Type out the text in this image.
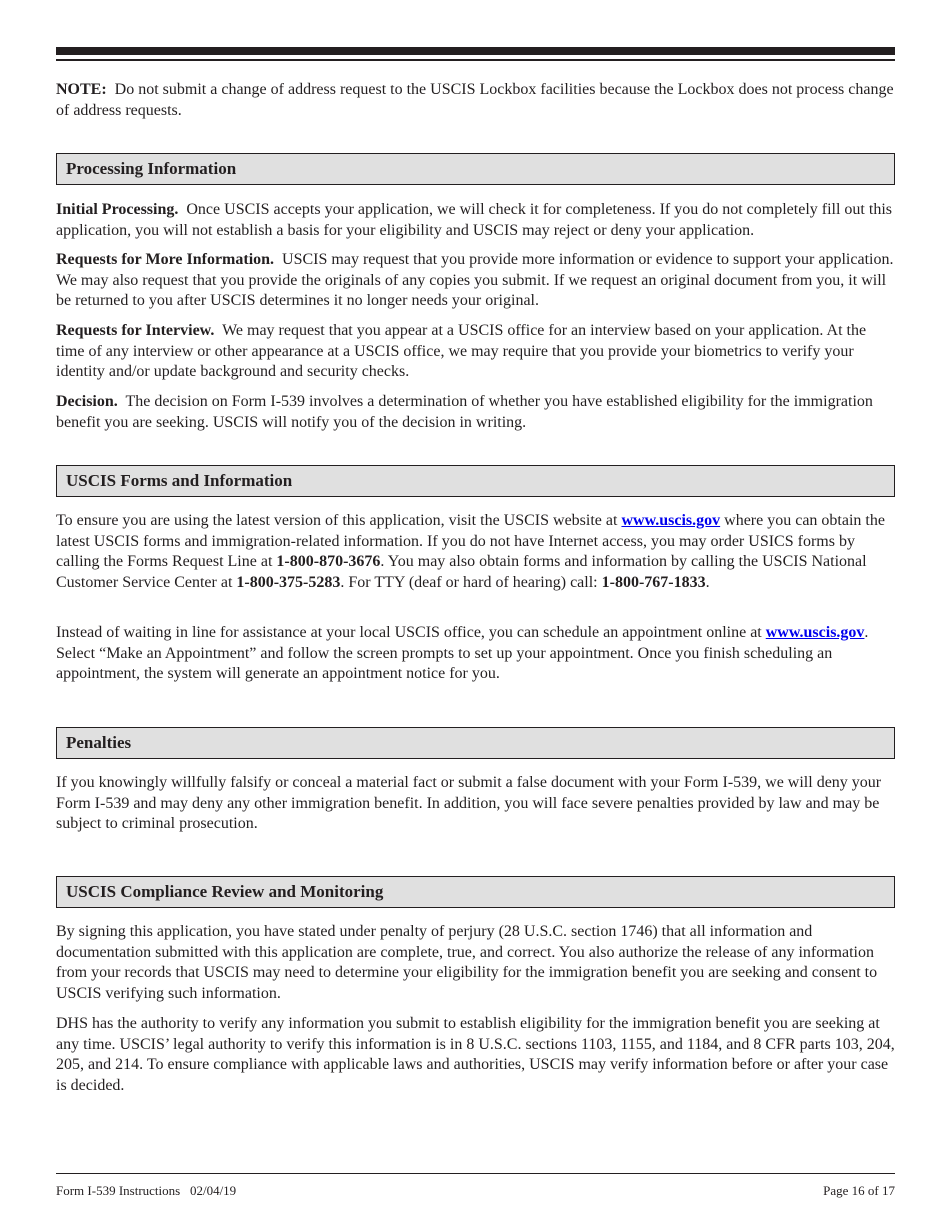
NOTE: Do not submit a change of address request to the USCIS Lockbox facilities because the Lockbox does not process change of address requests.

Processing Information

Initial Processing. Once USCIS accepts your application, we will check it for completeness. If you do not completely fill out this application, you will not establish a basis for your eligibility and USCIS may reject or deny your application.

Requests for More Information. USCIS may request that you provide more information or evidence to support your application. We may also request that you provide the originals of any copies you submit. If we request an original document from you, it will be returned to you after USCIS determines it no longer needs your original.

Requests for Interview. We may request that you appear at a USCIS office for an interview based on your application. At the time of any interview or other appearance at a USCIS office, we may require that you provide your biometrics to verify your identity and/or update background and security checks.

Decision. The decision on Form I-539 involves a determination of whether you have established eligibility for the immigration benefit you are seeking. USCIS will notify you of the decision in writing.

USCIS Forms and Information

To ensure you are using the latest version of this application, visit the USCIS website at www.uscis.gov where you can obtain the latest USCIS forms and immigration-related information. If you do not have Internet access, you may order USICS forms by calling the Forms Request Line at 1-800-870-3676. You may also obtain forms and information by calling the USCIS National Customer Service Center at 1-800-375-5283. For TTY (deaf or hard of hearing) call: 1-800-767-1833.

Instead of waiting in line for assistance at your local USCIS office, you can schedule an appointment online at www.uscis.gov. Select “Make an Appointment” and follow the screen prompts to set up your appointment. Once you finish scheduling an appointment, the system will generate an appointment notice for you.

Penalties

If you knowingly willfully falsify or conceal a material fact or submit a false document with your Form I-539, we will deny your Form I-539 and may deny any other immigration benefit. In addition, you will face severe penalties provided by law and may be subject to criminal prosecution.

USCIS Compliance Review and Monitoring

By signing this application, you have stated under penalty of perjury (28 U.S.C. section 1746) that all information and documentation submitted with this application are complete, true, and correct. You also authorize the release of any information from your records that USCIS may need to determine your eligibility for the immigration benefit you are seeking and consent to USCIS verifying such information.

DHS has the authority to verify any information you submit to establish eligibility for the immigration benefit you are seeking at any time. USCIS’ legal authority to verify this information is in 8 U.S.C. sections 1103, 1155, and 1184, and 8 CFR parts 103, 204, 205, and 214. To ensure compliance with applicable laws and authorities, USCIS may verify information before or after your case is decided.

Form I-539 Instructions   02/04/19	Page 16 of 17
